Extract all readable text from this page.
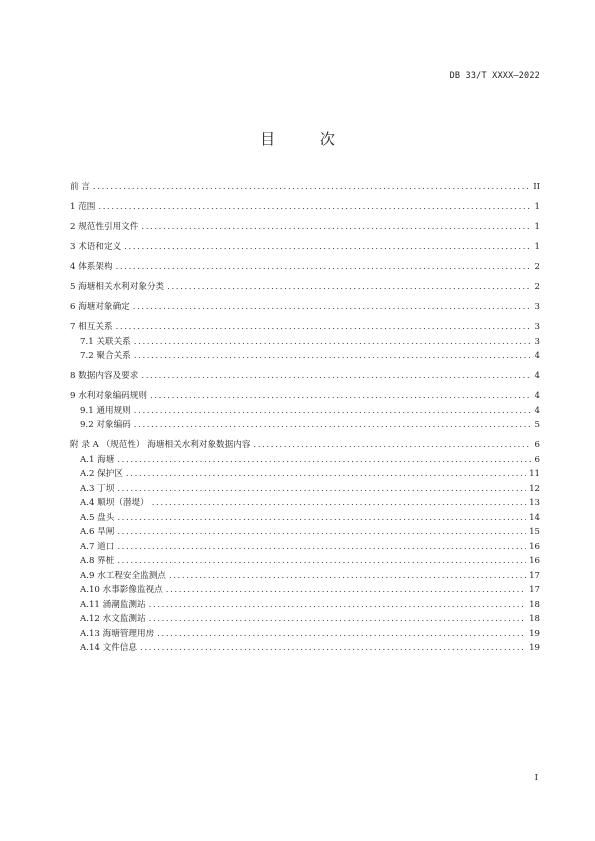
DB 33/T XXXX—2022
目 次
前 言 .....	II
1 范围 .....	1
2 规范性引用文件 .....	1
3 术语和定义 .....	1
4 体系架构 .....	2
5 海塘相关水利对象分类 .....	2
6 海塘对象确定 .....	3
7 相互关系 .....	3
7.1 关联关系 .....	3
7.2 聚合关系 .....	4
8 数据内容及要求 .....	4
9 水利对象编码规则 .....	4
9.1 通用规则 .....	4
9.2 对象编码 .....	5
附 录 A （规范性） 海塘相关水利对象数据内容 .....	6
A.1 海塘 .....	6
A.2 保护区 .....	11
A.3 丁坝 .....	12
A.4 顺坝（潜堤） .....	13
A.5 盘头 .....	14
A.6 旱闸 .....	15
A.7 道口 .....	16
A.8 界桩 .....	16
A.9 水工程安全监测点 .....	17
A.10 水事影像监视点 .....	17
A.11 涌潮监测站 .....	18
A.12 水文监测站 .....	18
A.13 海塘管理用房 .....	19
A.14 文件信息 .....	19
I
